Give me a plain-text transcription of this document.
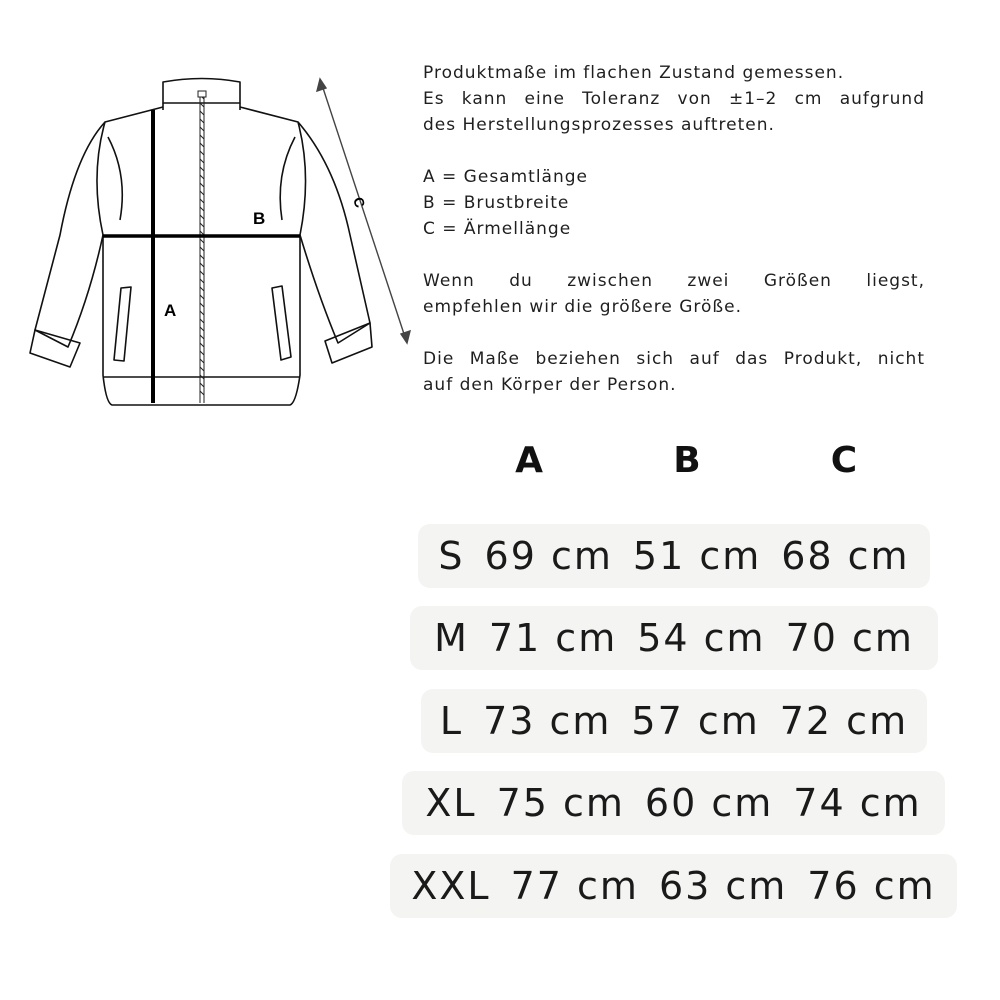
A
B
C

Produktmaße im flachen Zustand gemessen.
Es kann eine Toleranz von ±1–2 cm aufgrund
des Herstellungsprozesses auftreten.

A = Gesamtlänge
B = Brustbreite
C = Ärmellänge

Wenn du zwischen zwei Größen liegst,
empfehlen wir die größere Größe.

Die Maße beziehen sich auf das Produkt, nicht
auf den Körper der Person.

A	B	C
S 69 cm 51 cm 68 cm
M 71 cm 54 cm 70 cm
L 73 cm 57 cm 72 cm
XL 75 cm 60 cm 74 cm
XXL 77 cm 63 cm 76 cm
